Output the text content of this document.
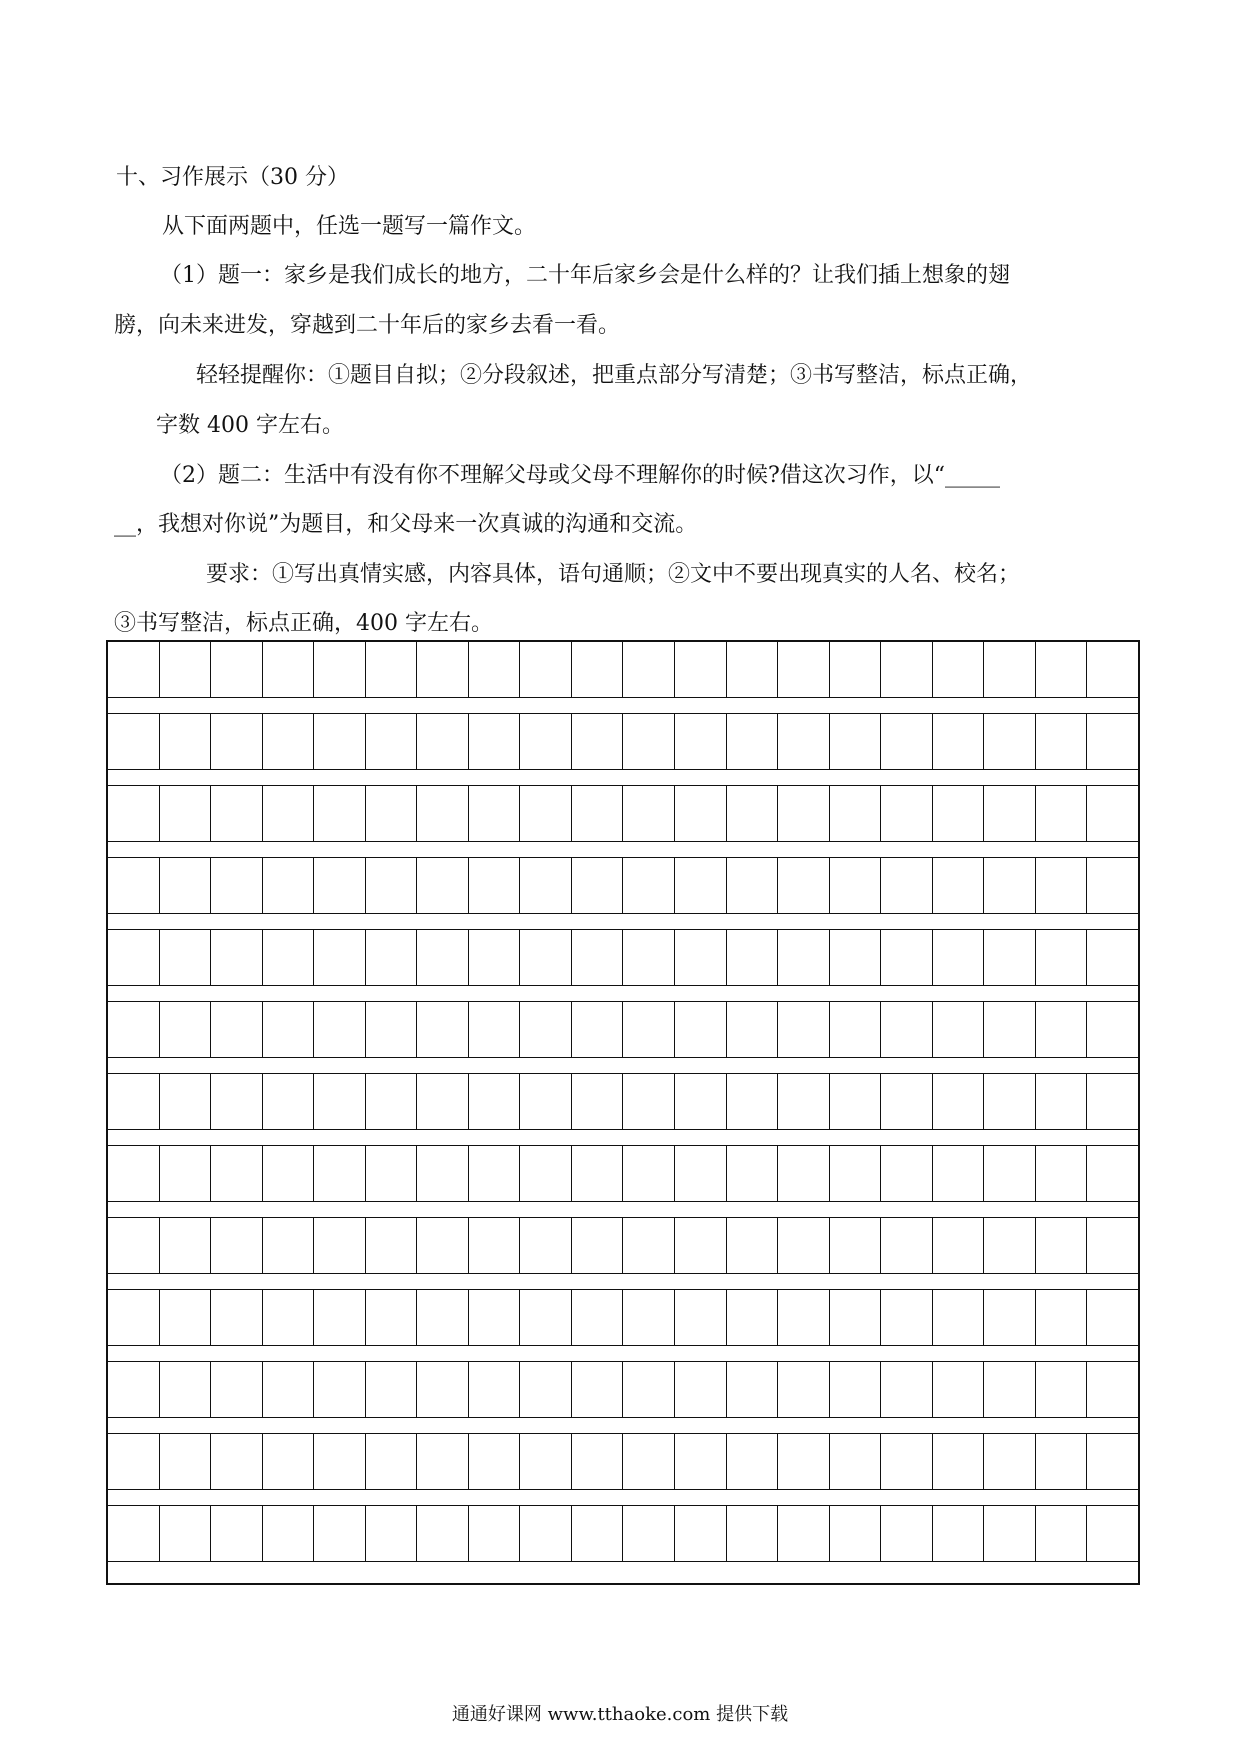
十、习作展示（30 分）
从下面两题中，任选一题写一篇作文。
（1）题一：家乡是我们成长的地方，二十年后家乡会是什么样的？让我们插上想象的翅
膀，向未来进发，穿越到二十年后的家乡去看一看。
轻轻提醒你：①题目自拟；②分段叙述，把重点部分写清楚；③书写整洁，标点正确，
字数 400 字左右。
（2）题二：生活中有没有你不理解父母或父母不理解你的时候?借这次习作，以“_____
__，我想对你说”为题目，和父母来一次真诚的沟通和交流。
要求：①写出真情实感，内容具体，语句通顺；②文中不要出现真实的人名、校名；
③书写整洁，标点正确，400 字左右。
通通好课网 www.tthaoke.com 提供下载
